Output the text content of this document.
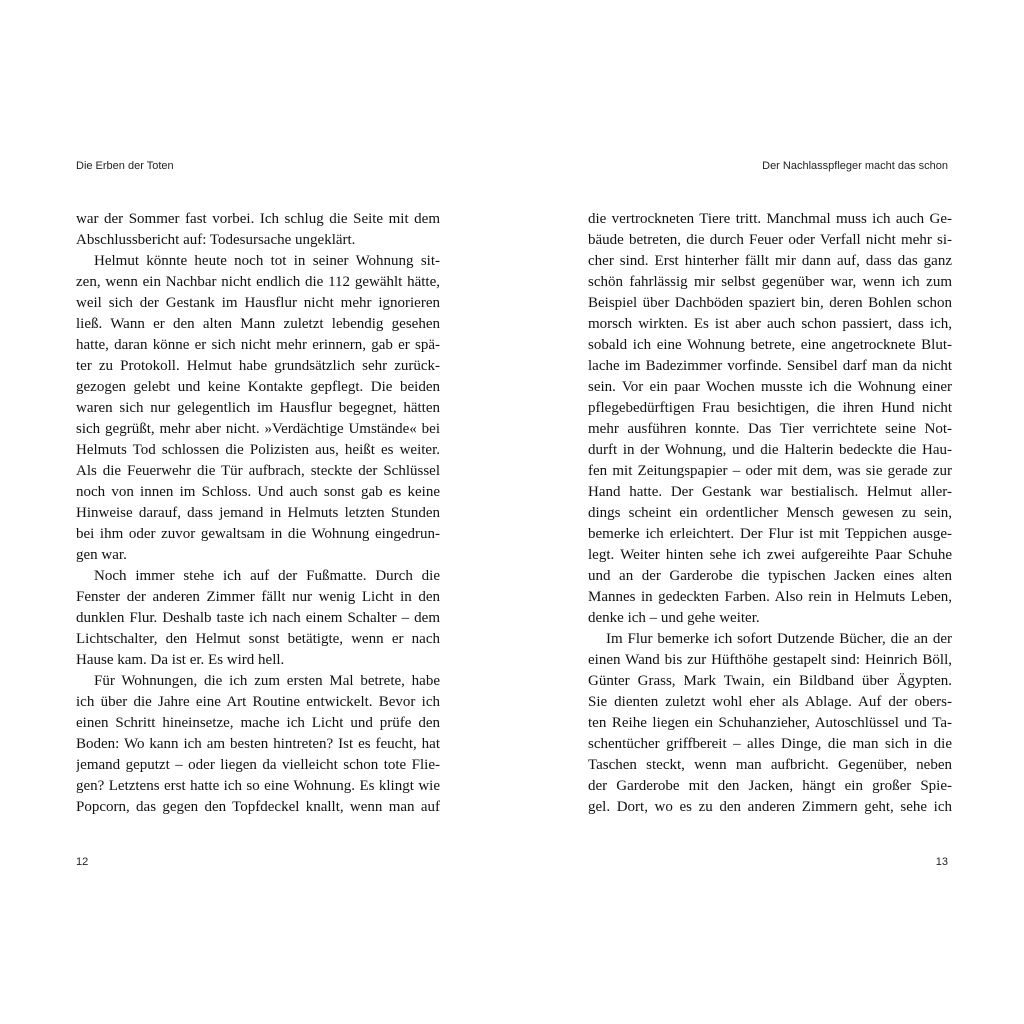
Die Erben der Toten
war der Sommer fast vorbei. Ich schlug die Seite mit dem
Abschlussbericht auf: Todesursache ungeklärt.
Helmut könnte heute noch tot in seiner Wohnung sit-
zen, wenn ein Nachbar nicht endlich die 112 gewählt hätte,
weil sich der Gestank im Hausflur nicht mehr ignorieren
ließ. Wann er den alten Mann zuletzt lebendig gesehen
hatte, daran könne er sich nicht mehr erinnern, gab er spä-
ter zu Protokoll. Helmut habe grundsätzlich sehr zurück-
gezogen gelebt und keine Kontakte gepflegt. Die beiden
waren sich nur gelegentlich im Hausflur begegnet, hätten
sich gegrüßt, mehr aber nicht. »Verdächtige Umstände« bei
Helmuts Tod schlossen die Polizisten aus, heißt es weiter.
Als die Feuerwehr die Tür aufbrach, steckte der Schlüssel
noch von innen im Schloss. Und auch sonst gab es keine
Hinweise darauf, dass jemand in Helmuts letzten Stunden
bei ihm oder zuvor gewaltsam in die Wohnung eingedrun-
gen war.
Noch immer stehe ich auf der Fußmatte. Durch die
Fenster der anderen Zimmer fällt nur wenig Licht in den
dunklen Flur. Deshalb taste ich nach einem Schalter – dem
Lichtschalter, den Helmut sonst betätigte, wenn er nach
Hause kam. Da ist er. Es wird hell.
Für Wohnungen, die ich zum ersten Mal betrete, habe
ich über die Jahre eine Art Routine entwickelt. Bevor ich
einen Schritt hineinsetze, mache ich Licht und prüfe den
Boden: Wo kann ich am besten hintreten? Ist es feucht, hat
jemand geputzt – oder liegen da vielleicht schon tote Flie-
gen? Letztens erst hatte ich so eine Wohnung. Es klingt wie
Popcorn, das gegen den Topfdeckel knallt, wenn man auf
12
Der Nachlasspfleger macht das schon
die vertrockneten Tiere tritt. Manchmal muss ich auch Ge-
bäude betreten, die durch Feuer oder Verfall nicht mehr si-
cher sind. Erst hinterher fällt mir dann auf, dass das ganz
schön fahrlässig mir selbst gegenüber war, wenn ich zum
Beispiel über Dachböden spaziert bin, deren Bohlen schon
morsch wirkten. Es ist aber auch schon passiert, dass ich,
sobald ich eine Wohnung betrete, eine angetrocknete Blut-
lache im Badezimmer vorfinde. Sensibel darf man da nicht
sein. Vor ein paar Wochen musste ich die Wohnung einer
pflegebedürftigen Frau besichtigen, die ihren Hund nicht
mehr ausführen konnte. Das Tier verrichtete seine Not-
durft in der Wohnung, und die Halterin bedeckte die Hau-
fen mit Zeitungspapier – oder mit dem, was sie gerade zur
Hand hatte. Der Gestank war bestialisch. Helmut aller-
dings scheint ein ordentlicher Mensch gewesen zu sein,
bemerke ich erleichtert. Der Flur ist mit Teppichen ausge-
legt. Weiter hinten sehe ich zwei aufgereihte Paar Schuhe
und an der Garderobe die typischen Jacken eines alten
Mannes in gedeckten Farben. Also rein in Helmuts Leben,
denke ich – und gehe weiter.
Im Flur bemerke ich sofort Dutzende Bücher, die an der
einen Wand bis zur Hüfthöhe gestapelt sind: Heinrich Böll,
Günter Grass, Mark Twain, ein Bildband über Ägypten.
Sie dienten zuletzt wohl eher als Ablage. Auf der obers-
ten Reihe liegen ein Schuhanzieher, Autoschlüssel und Ta-
schentücher griffbereit – alles Dinge, die man sich in die
Taschen steckt, wenn man aufbricht. Gegenüber, neben
der Garderobe mit den Jacken, hängt ein großer Spie-
gel. Dort, wo es zu den anderen Zimmern geht, sehe ich
13
